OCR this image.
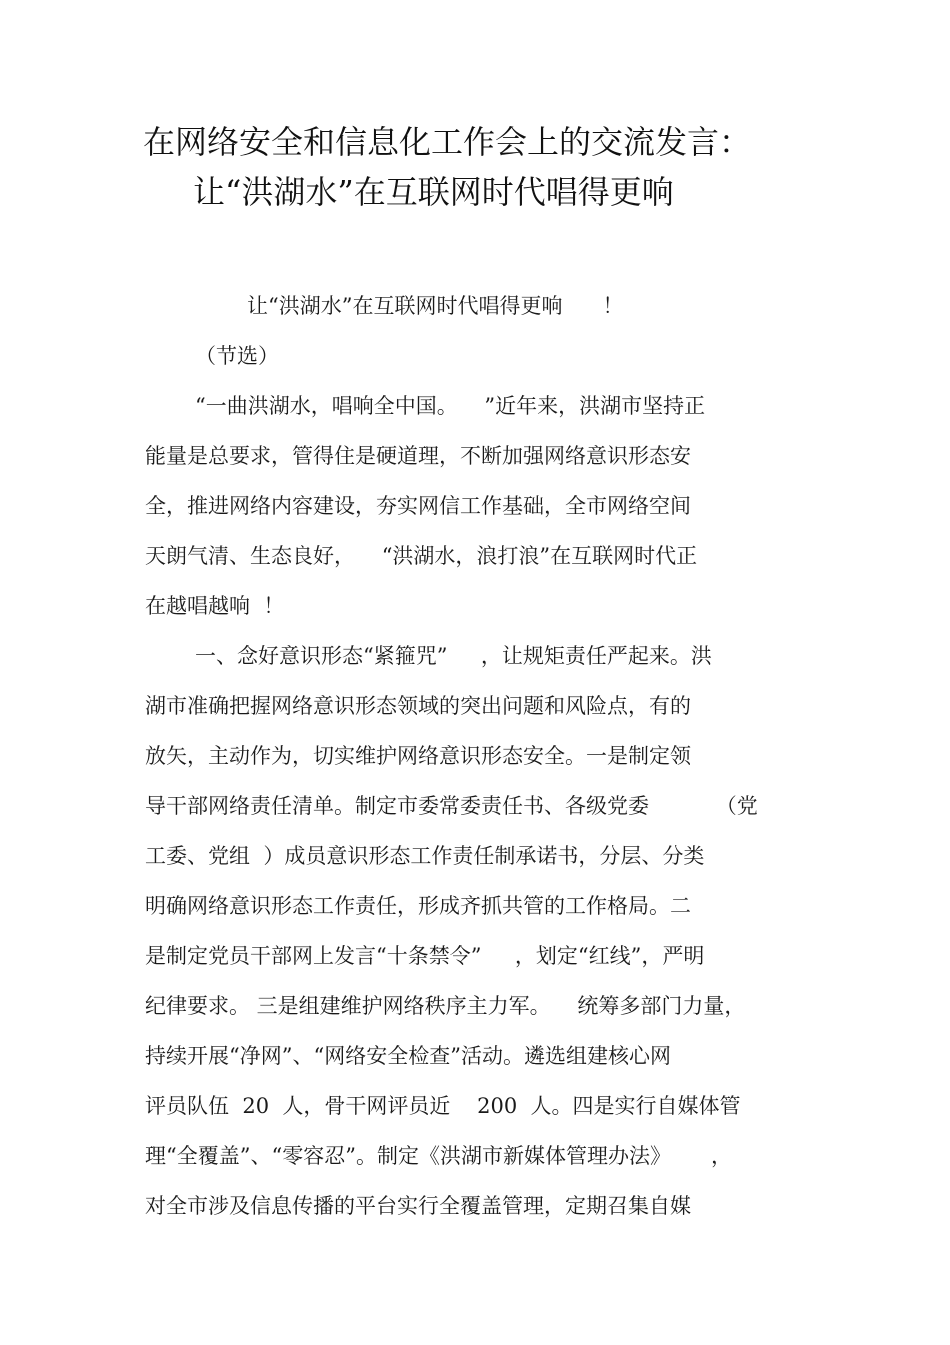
在网络安全和信息化工作会上的交流发言：
让“洪湖水”在互联网时代唱得更响
让“洪湖水”在互联网时代唱得更响      ！
（节选）
“一曲洪湖水，唱响全中国。    ”近年来，洪湖市坚持正
能量是总要求，管得住是硬道理，不断加强网络意识形态安
全，推进网络内容建设，夯实网信工作基础，全市网络空间
天朗气清、生态良好，    “洪湖水，浪打浪”在互联网时代正
在越唱越响  ！
一、念好意识形态“紧箍咒”     ，让规矩责任严起来。洪
湖市准确把握网络意识形态领域的突出问题和风险点，有的
放矢，主动作为，切实维护网络意识形态安全。一是制定领
导干部网络责任清单。制定市委常委责任书、各级党委          （党
工委、党组  ）成员意识形态工作责任制承诺书，分层、分类
明确网络意识形态工作责任，形成齐抓共管的工作格局。二
是制定党员干部网上发言“十条禁令”     ，划定“红线”，严明
纪律要求。 三是组建维护网络秩序主力军。    统筹多部门力量，
持续开展“净网”、“网络安全检查”活动。遴选组建核心网
评员队伍  20  人，骨干网评员近    200  人。四是实行自媒体管
理“全覆盖”、“零容忍”。制定《洪湖市新媒体管理办法》      ，
对全市涉及信息传播的平台实行全覆盖管理，定期召集自媒
